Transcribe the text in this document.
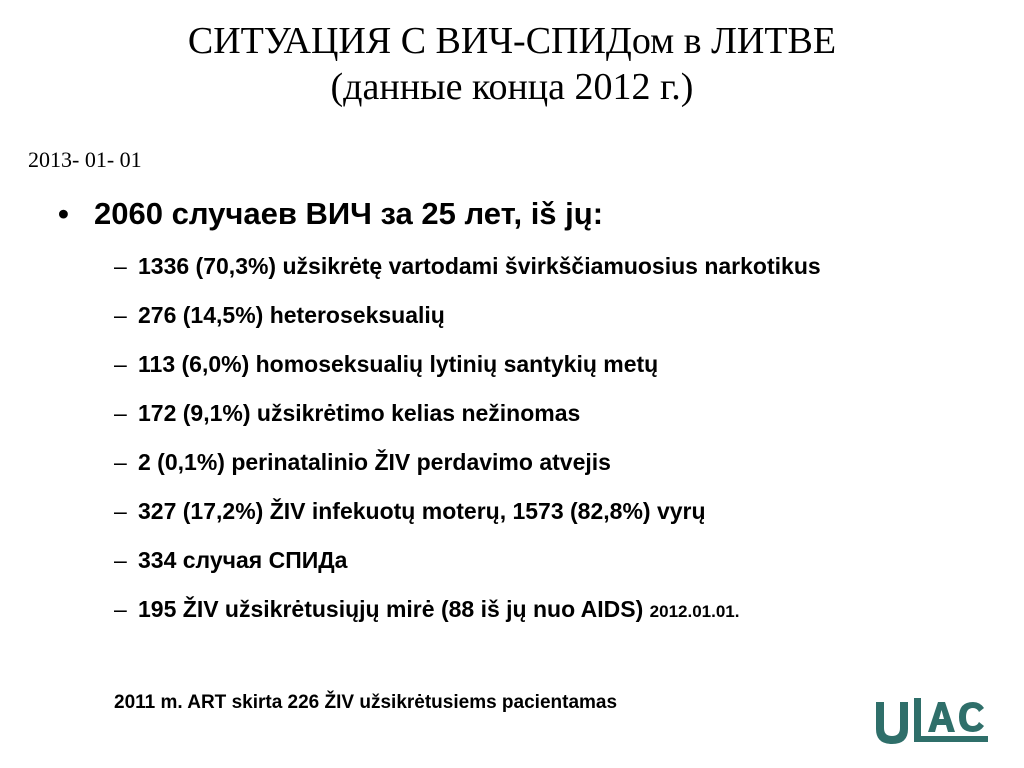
СИТУАЦИЯ С ВИЧ-СПИДом в ЛИТВЕ
(данные конца 2012 г.)
2013- 01- 01
• 2060 случаев ВИЧ за 25 лет, iš jų:
– 1336 (70,3%) užsikrėtę vartodami švirkščiamuosius narkotikus
– 276 (14,5%) heteroseksualių
– 113 (6,0%) homoseksualių lytinių santykių metų
– 172 (9,1%) užsikrėtimo kelias nežinomas
– 2 (0,1%) perinatalinio ŽIV perdavimo atvejis
– 327 (17,2%) ŽIV infekuotų moterų, 1573 (82,8%) vyrų
– 334 случая СПИДа
– 195 ŽIV užsikrėtusiųjų mirė (88 iš jų nuo AIDS) 2012.01.01.
2011 m. ART skirta 226 ŽIV užsikrėtusiems pacientamas
